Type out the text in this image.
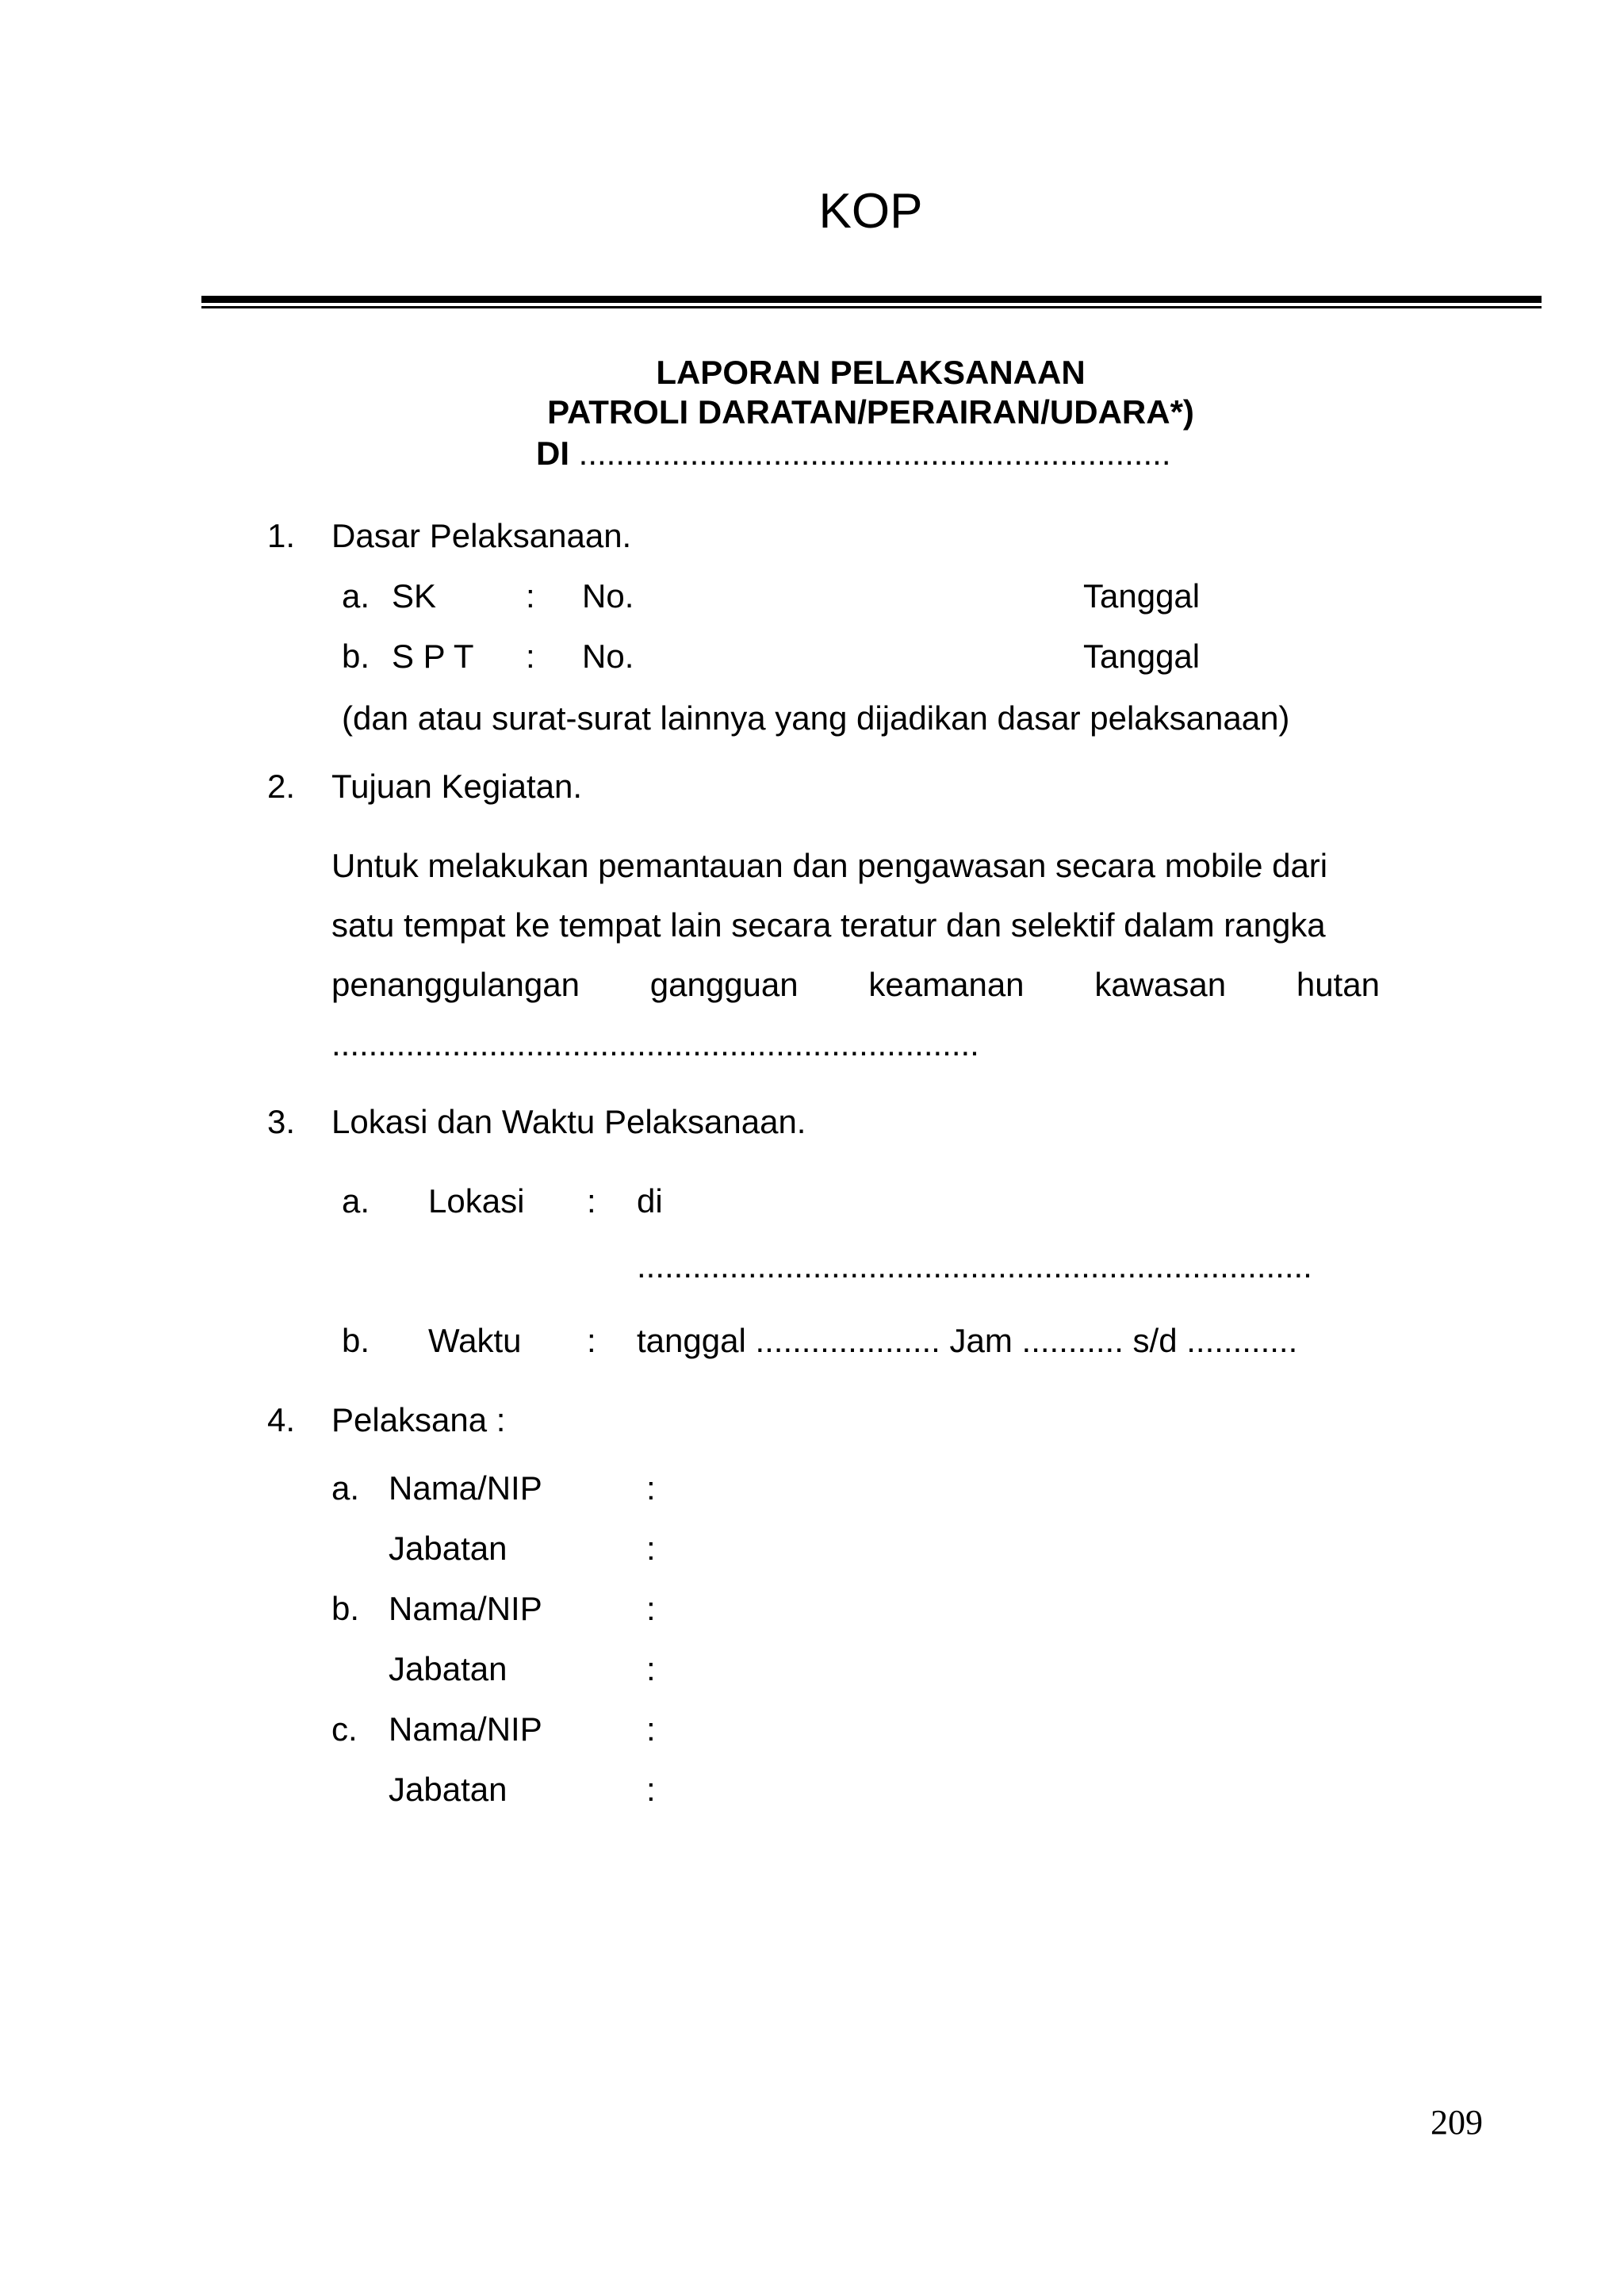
KOP
LAPORAN PELAKSANAAN
PATROLI DARATAN/PERAIRAN/UDARA*)
DI ................................................................
1. Dasar Pelaksanaan.
a. SK	: No.	Tanggal
b. S P T : No.	Tanggal
(dan atau surat-surat lainnya yang dijadikan dasar pelaksanaan)
2. Tujuan Kegiatan.
Untuk melakukan pemantauan dan pengawasan secara mobile dari
satu tempat ke tempat lain secara teratur dan selektif dalam rangka
penanggulangan gangguan keamanan kawasan hutan
......................................................................
3. Lokasi dan Waktu Pelaksanaan.
a. Lokasi : di
.........................................................................
b. Waktu : tanggal .................... Jam ........... s/d ............
4. Pelaksana :
a. Nama/NIP	:
Jabatan	:
b. Nama/NIP	:
Jabatan	:
c. Nama/NIP	:
Jabatan	:
209
